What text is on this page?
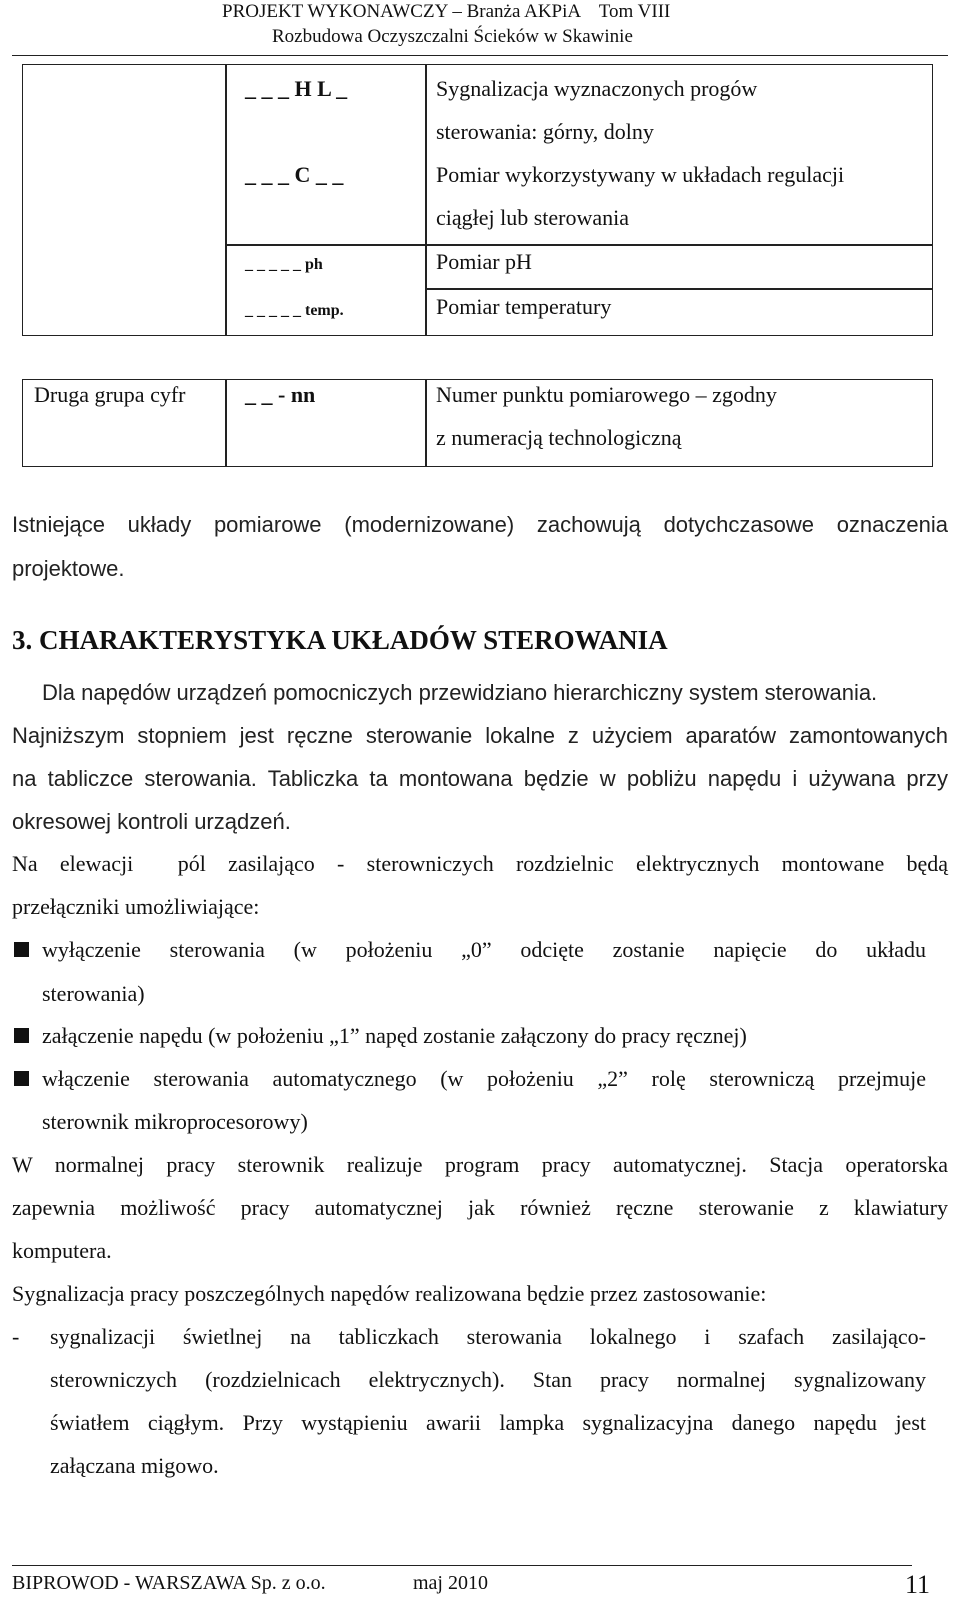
PROJEKT WYKONAWCZY – Branża AKPiA    Tom VIII
Rozbudowa Oczyszczalni Ścieków w Skawinie
_ _ _ H L _	Sygnalizacja wyznaczonych progów
sterowania: górny, dolny
_ _ _ C _ _	Pomiar wykorzystywany w układach regulacji
ciągłej lub sterowania
_ _ _ _ _ ph	Pomiar pH
_ _ _ _ _ temp.	Pomiar temperatury
Druga grupa cyfr	_ _ - nn	Numer punktu pomiarowego – zgodny
z numeracją technologiczną
Istniejące układy pomiarowe (modernizowane) zachowują dotychczasowe oznaczenia
projektowe.
3. CHARAKTERYSTYKA UKŁADÓW STEROWANIA
Dla napędów urządzeń pomocniczych przewidziano hierarchiczny system sterowania.
Najniższym stopniem jest ręczne sterowanie lokalne z użyciem aparatów zamontowanych
na tabliczce sterowania. Tabliczka ta montowana będzie w pobliżu napędu i używana przy
okresowej kontroli urządzeń.
Na elewacji  pól zasilająco - sterowniczych rozdzielnic elektrycznych montowane będą
przełączniki umożliwiające:
wyłączenie sterowania (w położeniu „0” odcięte zostanie napięcie do układu
sterowania)
załączenie napędu (w położeniu „1” napęd zostanie załączony do pracy ręcznej)
włączenie sterowania automatycznego (w położeniu „2” rolę sterowniczą przejmuje
sterownik mikroprocesorowy)
W normalnej pracy sterownik realizuje program pracy automatycznej. Stacja operatorska
zapewnia możliwość pracy automatycznej jak również ręczne sterowanie z klawiatury
komputera.
Sygnalizacja pracy poszczególnych napędów realizowana będzie przez zastosowanie:
- sygnalizacji świetlnej na tabliczkach sterowania lokalnego i szafach zasilająco-
sterowniczych (rozdzielnicach elektrycznych). Stan pracy normalnej sygnalizowany
światłem ciągłym. Przy wystąpieniu awarii lampka sygnalizacyjna danego napędu jest
załączana migowo.
BIPROWOD - WARSZAWA Sp. z o.o.	maj 2010	11
